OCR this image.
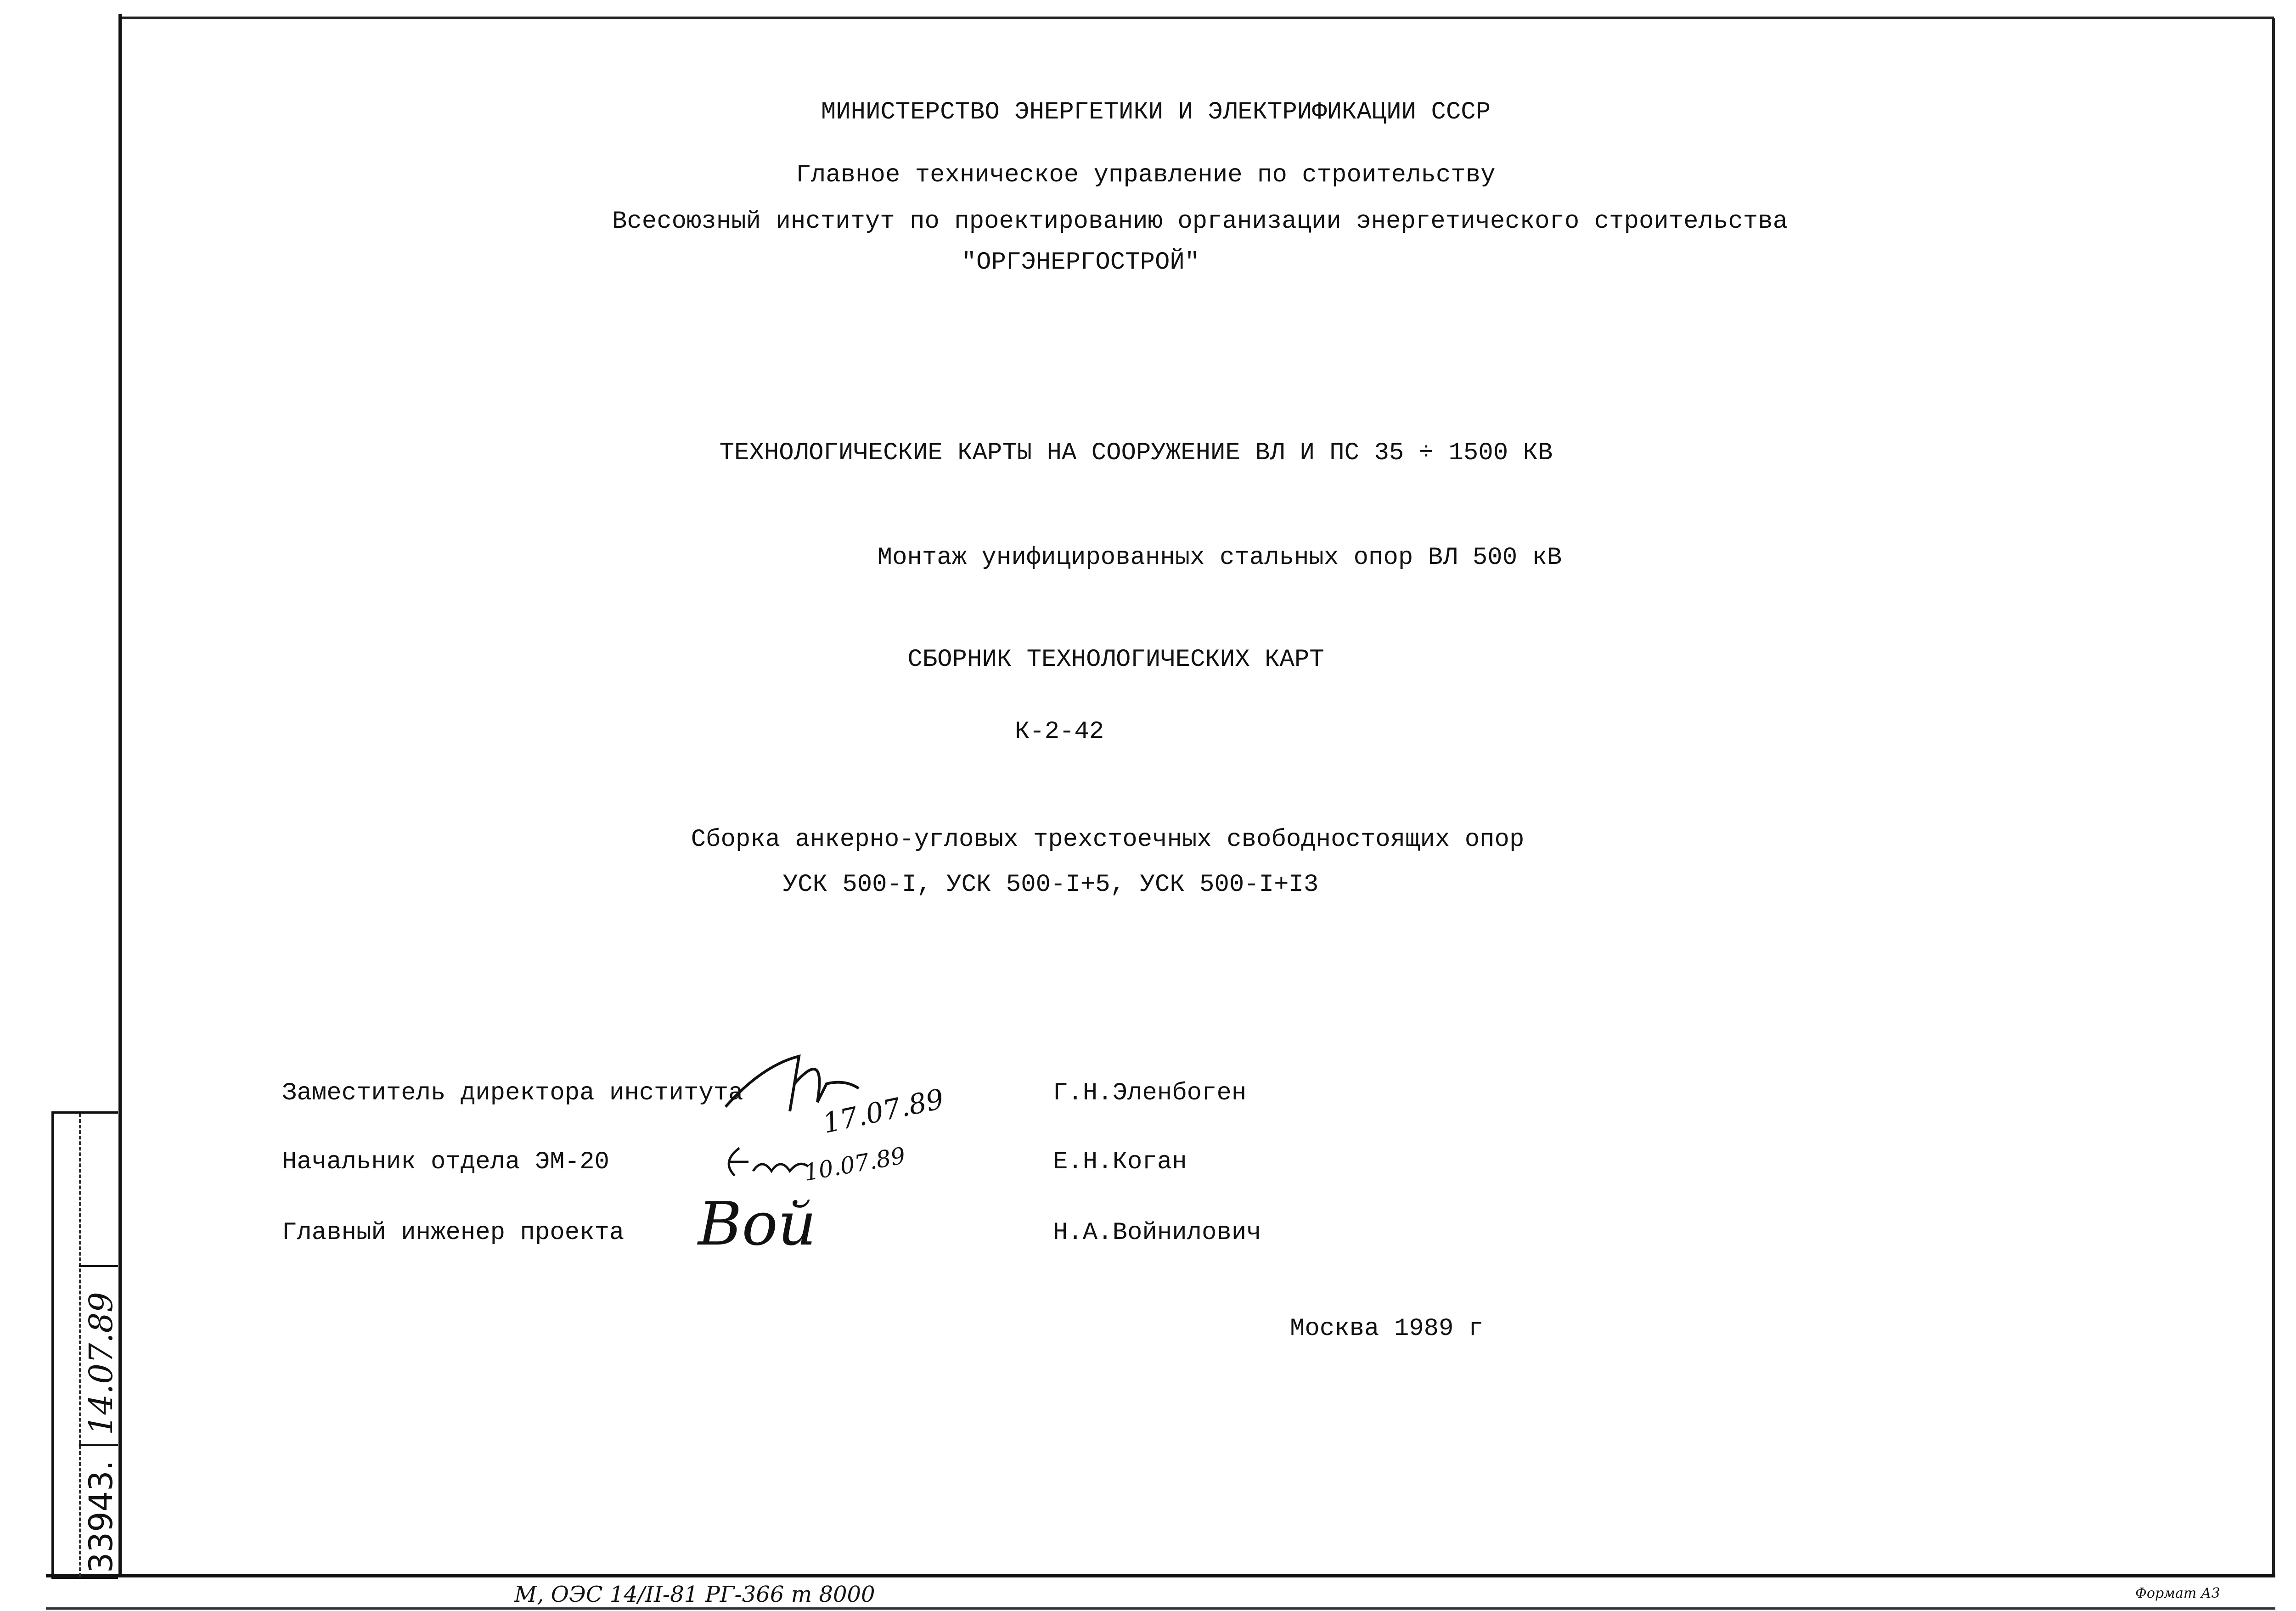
МИНИСТЕРСТВО ЭНЕРГЕТИКИ И ЭЛЕКТРИФИКАЦИИ СССР
Главное техническое управление по строительству
Всесоюзный институт по проектированию организации энергетического строительства
"ОРГЭНЕРГОСТРОЙ"
ТЕХНОЛОГИЧЕСКИЕ КАРТЫ НА СООРУЖЕНИЕ ВЛ И ПС 35 ÷ 1500 КВ
Монтаж унифицированных стальных опор ВЛ 500 кВ
СБОРНИК ТЕХНОЛОГИЧЕСКИХ КАРТ
К-2-42
Сборка анкерно-угловых трехстоечных свободностоящих опор
УСК 500-I, УСК 500-I+5, УСК 500-I+I3
Заместитель директора института	Г.Н.Эленбоген
17.07.89
Начальник отдела ЭМ-20	Е.Н.Коган
10.07.89
Главный инженер проекта	Н.А.Войнилович
Вой
Москва 1989 г
33943.
14.07.89
М, ОЭС 14/II-81 РГ-366 т 8000	Формат А3
